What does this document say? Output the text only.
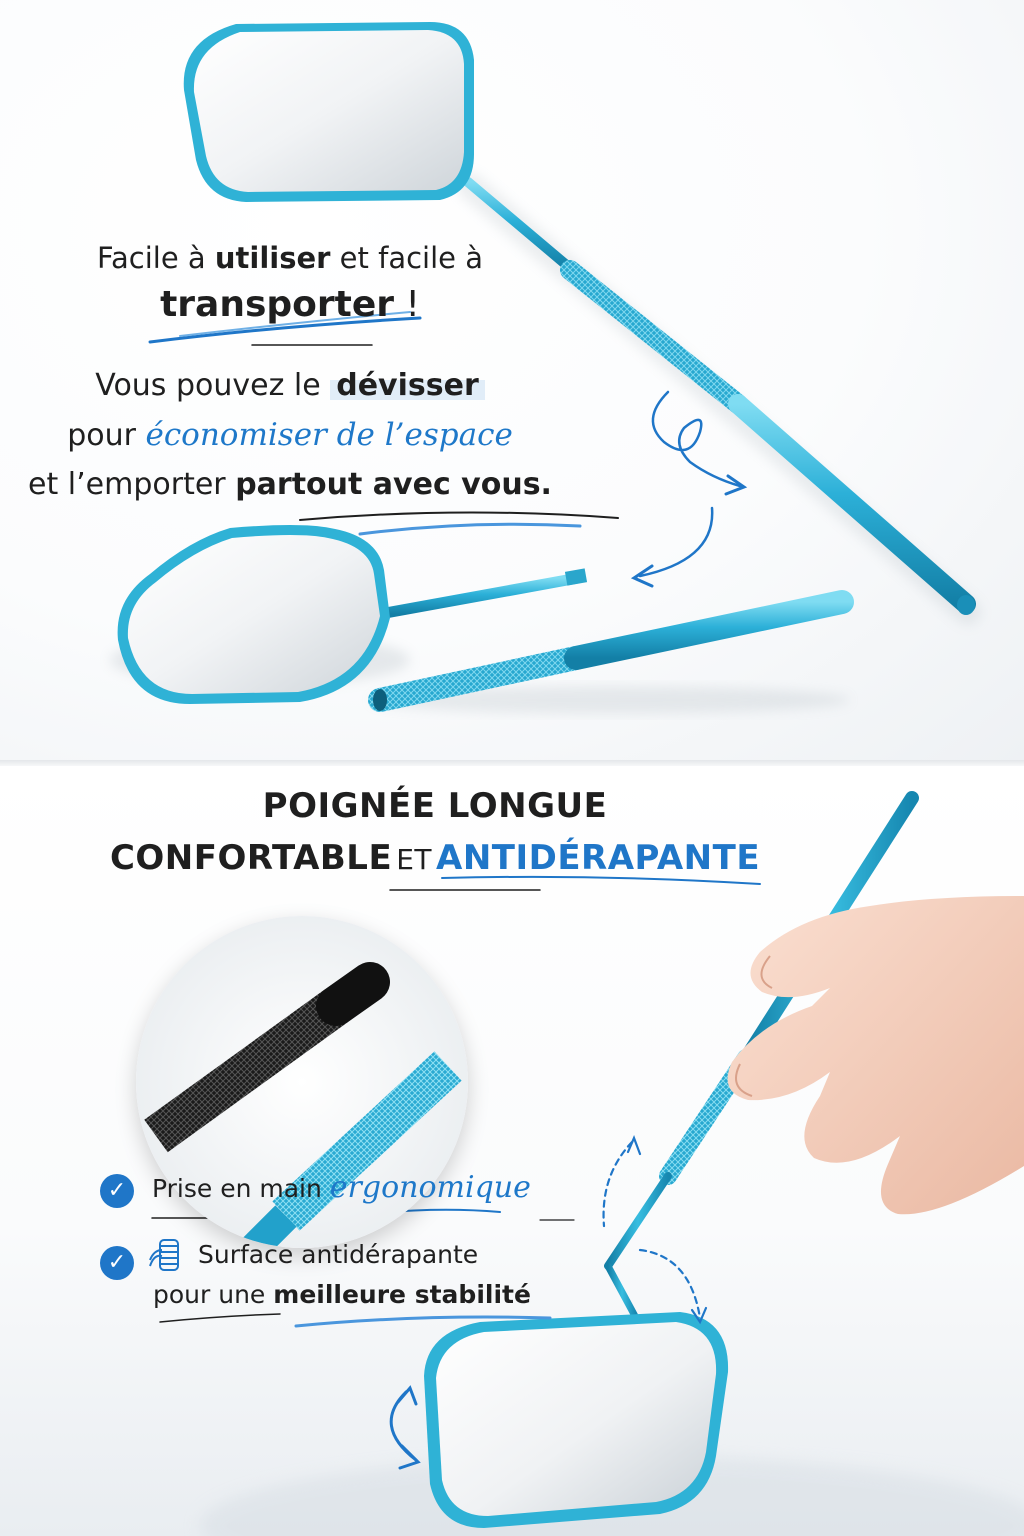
Facile à utiliser et facile à
transporter !
Vous pouvez le dévisser
pour économiser de l’espace
et l’emporter partout avec vous.
POIGNÉE LONGUE
CONFORTABLE ET ANTIDÉRAPANTE
✓	Prise en main ergonomique
✓	Surface antidérapante
pour une meilleure stabilité
